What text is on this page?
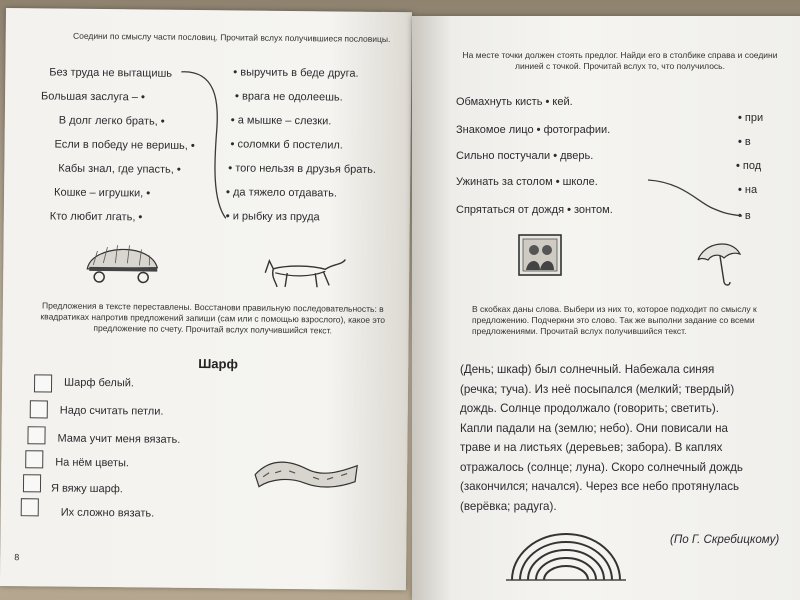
Соедини по смыслу части пословиц. Прочитай вслух получившиеся пословицы.
Без труда не вытащишь
Большая заслуга – •
В долг легко брать, •
Если в победу не веришь, •
Кабы знал, где упасть, •
Кошке – игрушки, •
Кто любит лгать, •
• выручить в беде друга.
• врага не одолеешь.
• а мышке – слезки.
• соломки б постелил.
• того нельзя в друзья брать.
• да тяжело отдавать.
• и рыбку из пруда
Предложения в тексте переставлены. Восстанови правильную последовательность: в квадратиках напротив предложений запиши (сам или с помощью взрослого), какое это предложение по счету. Прочитай вслух получившийся текст.
Шарф
Шарф белый.
Надо считать петли.
Мама учит меня вязать.
На нём цветы.
Я вяжу шарф.
Их сложно вязать.
8
На месте точки должен стоять предлог. Найди его в столбике справа и соедини линией с точкой. Прочитай вслух то, что получилось.
Обмахнуть кисть • кей.
Знакомое лицо • фотографии.
Сильно постучали • дверь.
Ужинать за столом • школе.
Спрятаться от дождя • зонтом.
• при
• в
• под
• на
• в
В скобках даны слова. Выбери из них то, которое подходит по смыслу к предложению. Подчеркни это слово. Так же выполни задание со всеми предложениями. Прочитай вслух получившийся текст.
(День; шкаф) был солнечный. Набежала синяя
(речка; туча). Из неё посыпался (мелкий; твердый)
дождь. Солнце продолжало (говорить; светить).
Капли падали на (землю; небо). Они повисали на
траве и на листьях (деревьев; забора). В каплях
отражалось (солнце; луна). Скоро солнечный дождь
(закончился; начался). Через все небо протянулась
(верёвка; радуга).
(По Г. Скребицкому)
